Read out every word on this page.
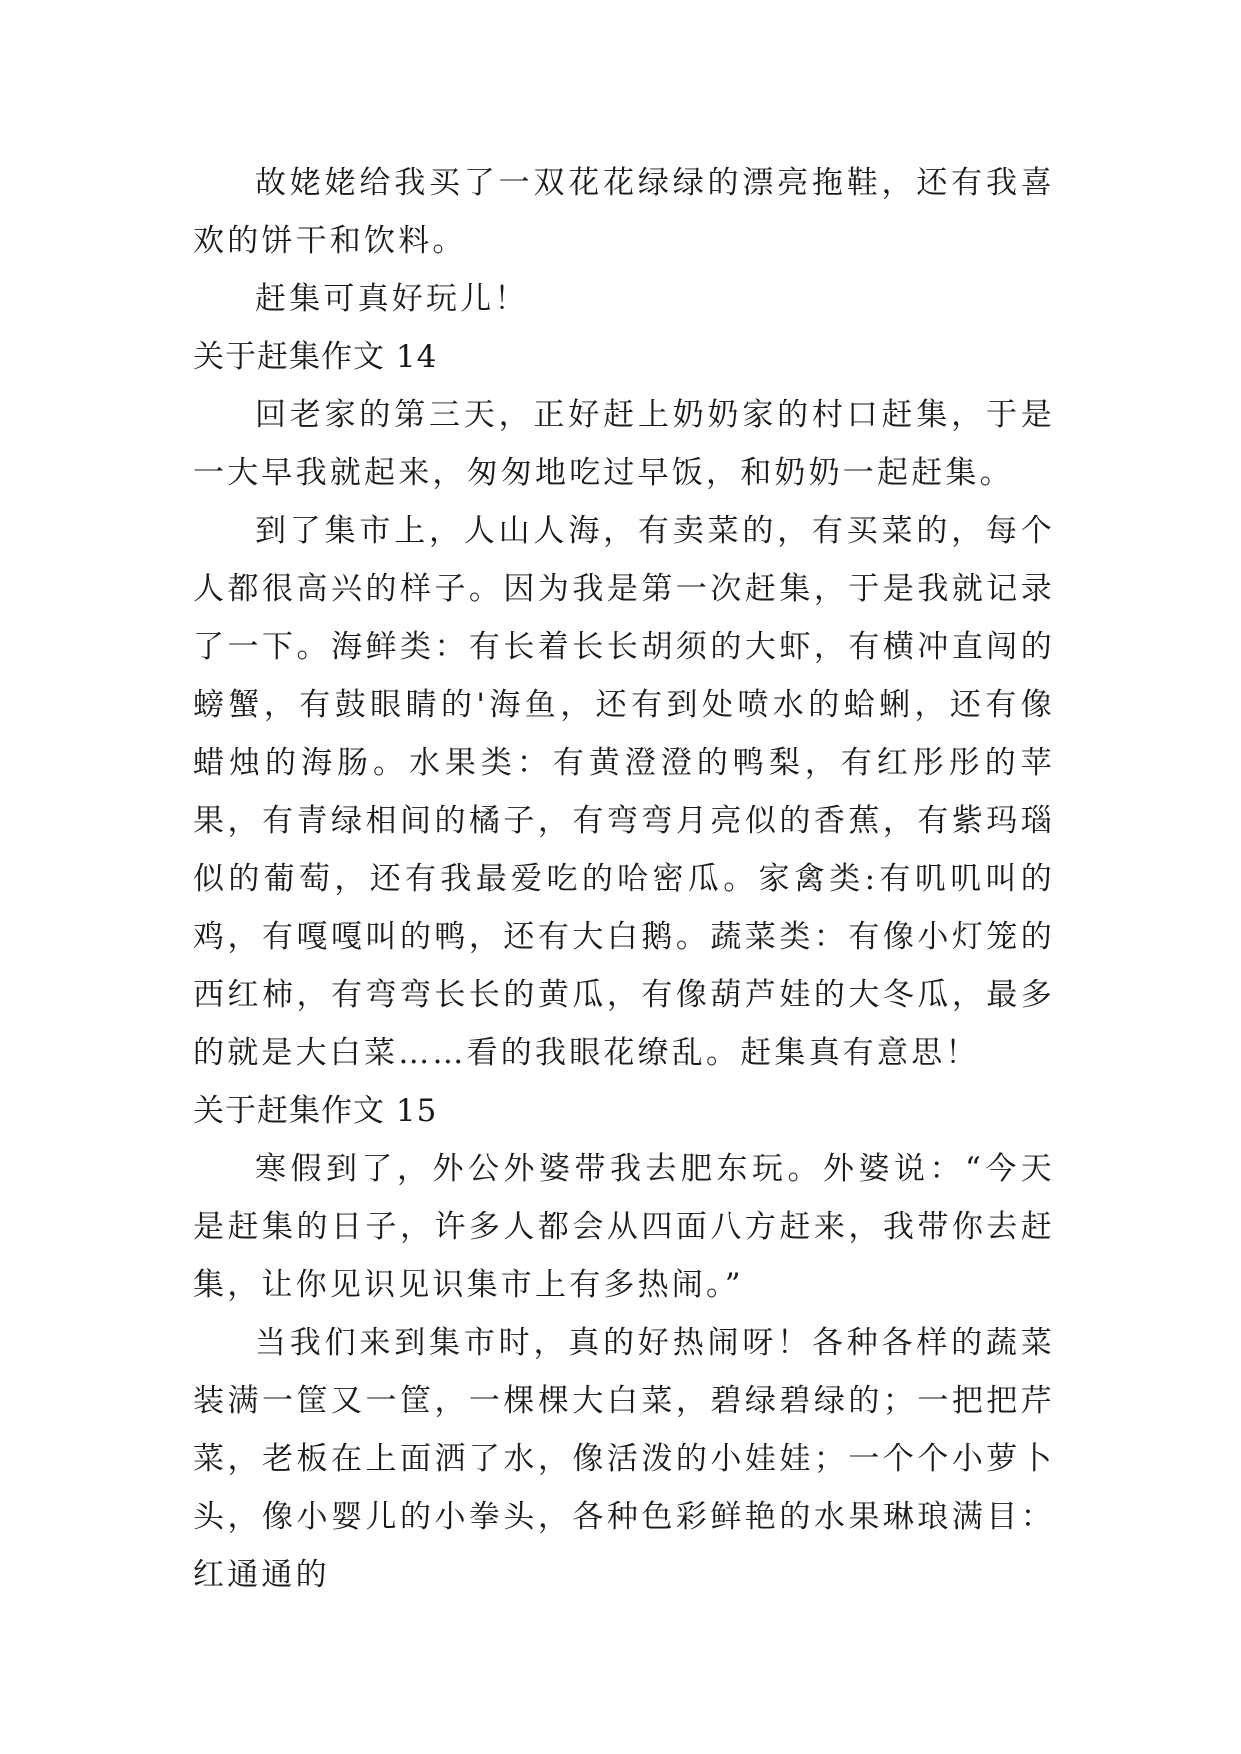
故姥姥给我买了一双花花绿绿的漂亮拖鞋，还有我喜欢的饼干和饮料。

赶集可真好玩儿！

关于赶集作文 14

回老家的第三天，正好赶上奶奶家的村口赶集，于是一大早我就起来，匆匆地吃过早饭，和奶奶一起赶集。

到了集市上，人山人海，有卖菜的，有买菜的，每个人都很高兴的样子。因为我是第一次赶集，于是我就记录了一下。海鲜类：有长着长长胡须的大虾，有横冲直闯的螃蟹，有鼓眼睛的'海鱼，还有到处喷水的蛤蜊，还有像蜡烛的海肠。水果类：有黄澄澄的鸭梨，有红彤彤的苹果，有青绿相间的橘子，有弯弯月亮似的香蕉，有紫玛瑙似的葡萄，还有我最爱吃的哈密瓜。家禽类:有叽叽叫的鸡，有嘎嘎叫的鸭，还有大白鹅。蔬菜类：有像小灯笼的西红柿，有弯弯长长的黄瓜，有像葫芦娃的大冬瓜，最多的就是大白菜……看的我眼花缭乱。赶集真有意思！

关于赶集作文 15

寒假到了，外公外婆带我去肥东玩。外婆说：“今天是赶集的日子，许多人都会从四面八方赶来，我带你去赶集，让你见识见识集市上有多热闹。”

当我们来到集市时，真的好热闹呀！各种各样的蔬菜装满一筐又一筐，一棵棵大白菜，碧绿碧绿的；一把把芹菜，老板在上面洒了水，像活泼的小娃娃；一个个小萝卜头，像小婴儿的小拳头，各种色彩鲜艳的水果琳琅满目：红通通的
